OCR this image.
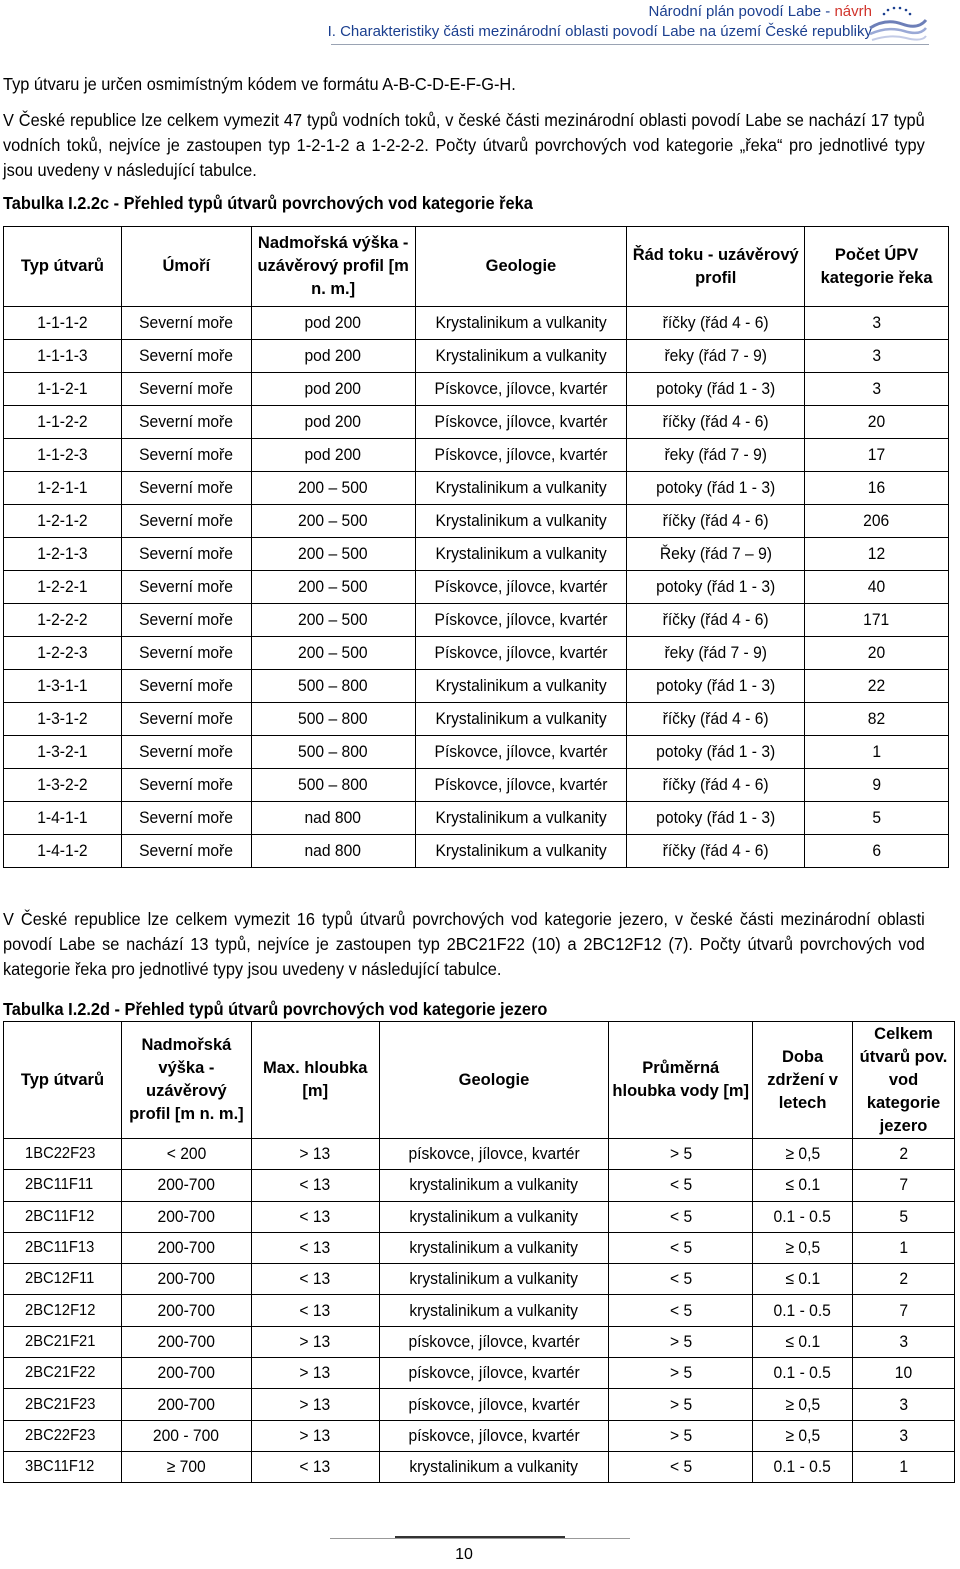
Národní plán povodí Labe - návrh
I. Charakteristiky části mezinárodní oblasti povodí Labe na území České republiky

Typ útvaru je určen osmimístným kódem ve formátu A-B-C-D-E-F-G-H.

V České republice lze celkem vymezit 47 typů vodních toků, v české části mezinárodní oblasti povodí Labe se nachází 17 typů vodních toků, nejvíce je zastoupen typ 1-2-1-2 a 1-2-2-2. Počty útvarů povrchových vod kategorie „řeka“ pro jednotlivé typy jsou uvedeny v následující tabulce.

Tabulka I.2.2c - Přehled typů útvarů povrchových vod kategorie řeka

Typ útvarů	Úmoří	Nadmořská výška - uzávěrový profil [m n. m.]	Geologie	Řád toku - uzávěrový profil	Počet ÚPV kategorie řeka
1-1-1-2	Severní moře	pod 200	Krystalinikum a vulkanity	říčky (řád 4 - 6)	3
1-1-1-3	Severní moře	pod 200	Krystalinikum a vulkanity	řeky (řád 7 - 9)	3
1-1-2-1	Severní moře	pod 200	Pískovce, jílovce, kvartér	potoky (řád 1 - 3)	3
1-1-2-2	Severní moře	pod 200	Pískovce, jílovce, kvartér	říčky (řád 4 - 6)	20
1-1-2-3	Severní moře	pod 200	Pískovce, jílovce, kvartér	řeky (řád 7 - 9)	17
1-2-1-1	Severní moře	200 – 500	Krystalinikum a vulkanity	potoky (řád 1 - 3)	16
1-2-1-2	Severní moře	200 – 500	Krystalinikum a vulkanity	říčky (řád 4 - 6)	206
1-2-1-3	Severní moře	200 – 500	Krystalinikum a vulkanity	Řeky (řád 7 – 9)	12
1-2-2-1	Severní moře	200 – 500	Pískovce, jílovce, kvartér	potoky (řád 1 - 3)	40
1-2-2-2	Severní moře	200 – 500	Pískovce, jílovce, kvartér	říčky (řád 4 - 6)	171
1-2-2-3	Severní moře	200 – 500	Pískovce, jílovce, kvartér	řeky (řád 7 - 9)	20
1-3-1-1	Severní moře	500 – 800	Krystalinikum a vulkanity	potoky (řád 1 - 3)	22
1-3-1-2	Severní moře	500 – 800	Krystalinikum a vulkanity	říčky (řád 4 - 6)	82
1-3-2-1	Severní moře	500 – 800	Pískovce, jílovce, kvartér	potoky (řád 1 - 3)	1
1-3-2-2	Severní moře	500 – 800	Pískovce, jílovce, kvartér	říčky (řád 4 - 6)	9
1-4-1-1	Severní moře	nad 800	Krystalinikum a vulkanity	potoky (řád 1 - 3)	5
1-4-1-2	Severní moře	nad 800	Krystalinikum a vulkanity	říčky (řád 4 - 6)	6

V České republice lze celkem vymezit 16 typů útvarů povrchových vod kategorie jezero, v české části mezinárodní oblasti povodí Labe se nachází 13 typů, nejvíce je zastoupen typ 2BC21F22 (10) a 2BC12F12 (7). Počty útvarů povrchových vod kategorie řeka pro jednotlivé typy jsou uvedeny v následující tabulce.

Tabulka I.2.2d - Přehled typů útvarů povrchových vod kategorie jezero

Typ útvarů	Nadmořská výška - uzávěrový profil [m n. m.]	Max. hloubka [m]	Geologie	Průměrná hloubka vody [m]	Doba zdržení v letech	Celkem útvarů pov. vod kategorie jezero
1BC22F23	< 200	> 13	pískovce, jílovce, kvartér	> 5	≥ 0,5	2
2BC11F11	200-700	< 13	krystalinikum a vulkanity	< 5	≤ 0.1	7
2BC11F12	200-700	< 13	krystalinikum a vulkanity	< 5	0.1 - 0.5	5
2BC11F13	200-700	< 13	krystalinikum a vulkanity	< 5	≥ 0,5	1
2BC12F11	200-700	< 13	krystalinikum a vulkanity	< 5	≤ 0.1	2
2BC12F12	200-700	< 13	krystalinikum a vulkanity	< 5	0.1 - 0.5	7
2BC21F21	200-700	> 13	pískovce, jílovce, kvartér	> 5	≤ 0.1	3
2BC21F22	200-700	> 13	pískovce, jílovce, kvartér	> 5	0.1 - 0.5	10
2BC21F23	200-700	> 13	pískovce, jílovce, kvartér	> 5	≥ 0,5	3
2BC22F23	200 - 700	> 13	pískovce, jílovce, kvartér	> 5	≥ 0,5	3
3BC11F12	≥ 700	< 13	krystalinikum a vulkanity	< 5	0.1 - 0.5	1
10
